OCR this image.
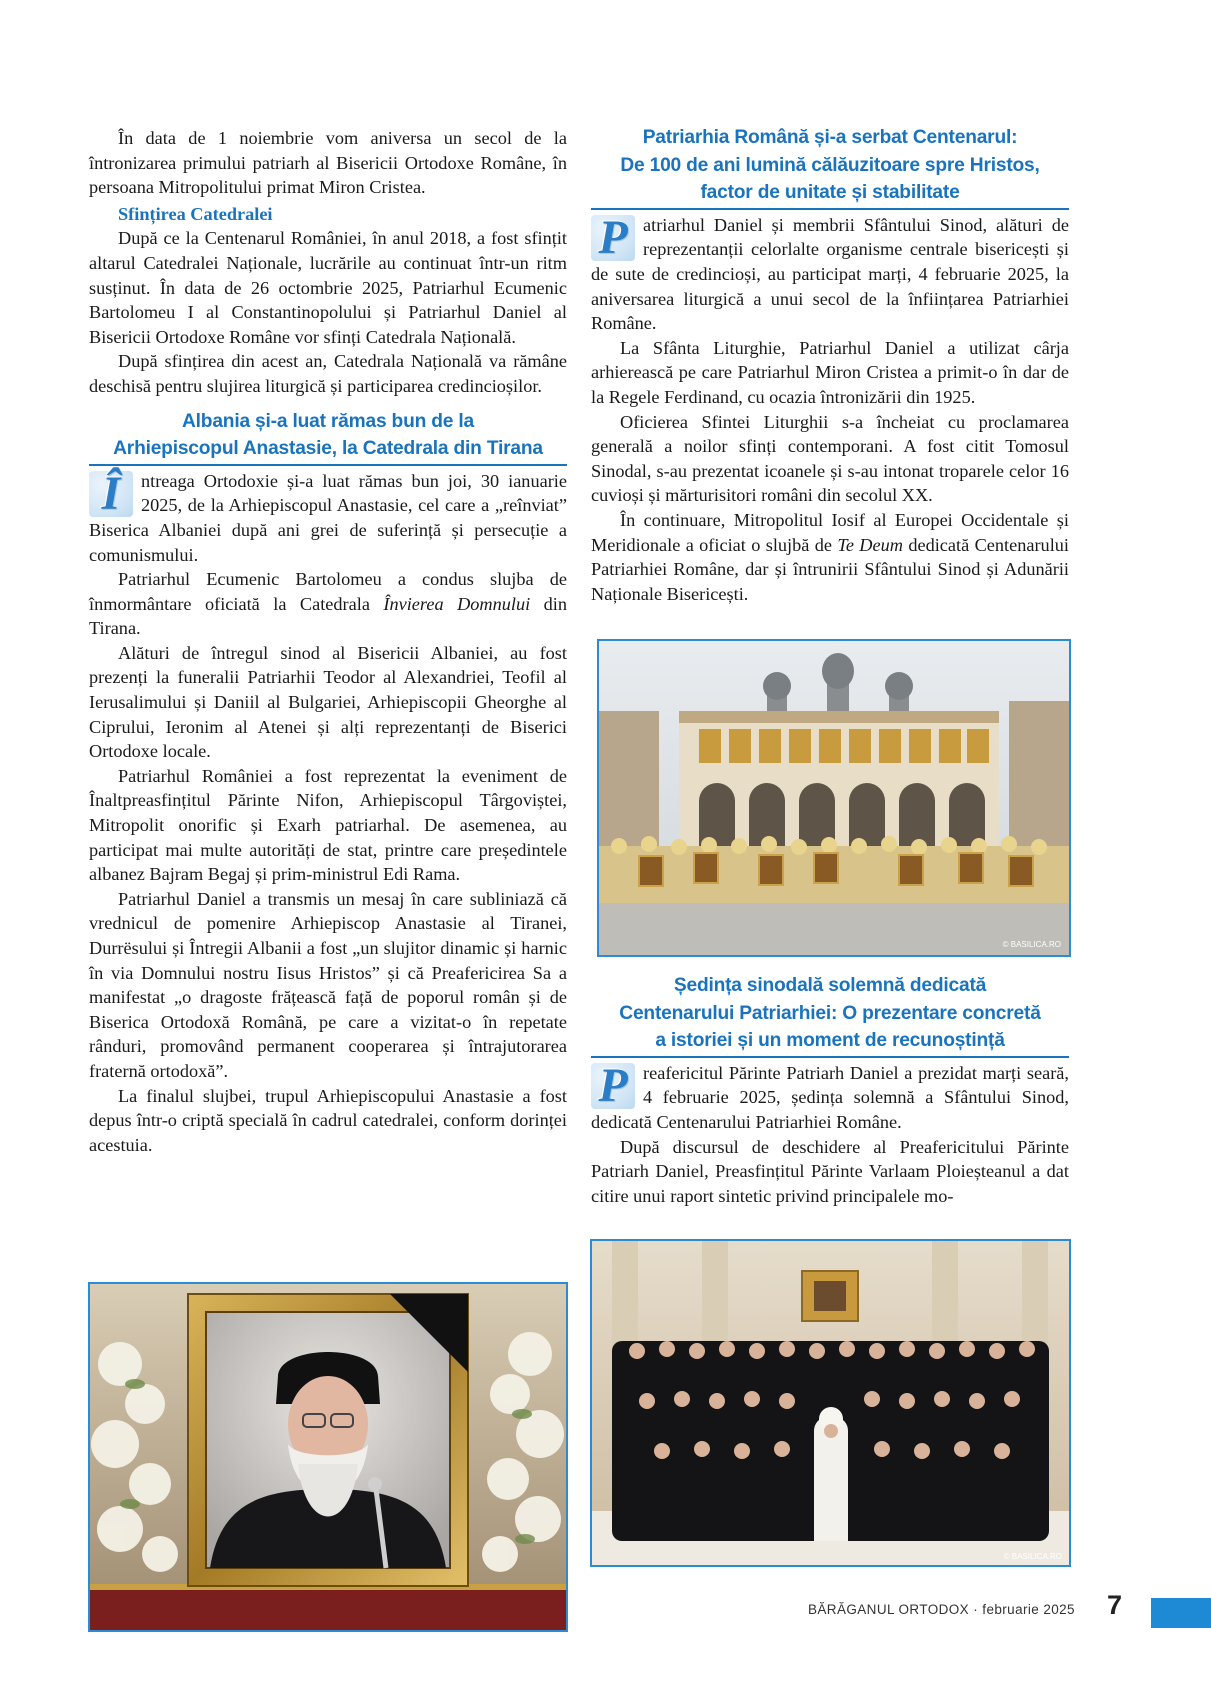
În data de 1 noiembrie vom aniversa un secol de la întronizarea primului patriarh al Bisericii Ortodoxe Române, în persoana Mitropolitului primat Miron Cristea.

Sfințirea Catedralei

După ce la Centenarul României, în anul 2018, a fost sfințit altarul Catedralei Naționale, lucrările au continuat într-un ritm susținut. În data de 26 octombrie 2025, Patriarhul Ecumenic Bartolomeu I al Constantinopolului și Patriarhul Daniel al Bisericii Ortodoxe Române vor sfinți Catedrala Națională.

După sfințirea din acest an, Catedrala Națională va rămâne deschisă pentru slujirea liturgică și participarea credincioșilor.

Albania și-a luat rămas bun de la
Arhiepiscopul Anastasie, la Catedrala din Tirana

Î	ntreaga Ortodoxie și-a luat rămas bun joi, 30 ianuarie 2025, de la Arhiepiscopul Anastasie, cel care a „reînviat” Biserica Albaniei după ani grei de suferință și persecuție a comunismului.

Patriarhul Ecumenic Bartolomeu a condus slujba de înmormântare oficiată la Catedrala Învierea Domnului din Tirana.

Alături de întregul sinod al Bisericii Albaniei, au fost prezenți la funeralii Patriarhii Teodor al Alexandriei, Teofil al Ierusalimului și Daniil al Bulgariei, Arhiepiscopii Gheorghe al Ciprului, Ieronim al Atenei și alți reprezentanți de Biserici Ortodoxe locale.

Patriarhul României a fost reprezentat la eveniment de Înaltpreasfințitul Părinte Nifon, Arhiepiscopul Târgoviștei, Mitropolit onorific și Exarh patriarhal. De asemenea, au participat mai multe autorități de stat, printre care președintele albanez Bajram Begaj și prim-ministrul Edi Rama.

Patriarhul Daniel a transmis un mesaj în care subliniază că vrednicul de pomenire Arhiepiscop Anastasie al Tiranei, Durrësului și Întregii Albanii a fost „un slujitor dinamic și harnic în via Domnului nostru Iisus Hristos” și că Preafericirea Sa a manifestat „o dragoste frățească față de poporul român și de Biserica Ortodoxă Română, pe care a vizitat-o în repetate rânduri, promovând permanent cooperarea și întrajutorarea fraternă ortodoxă”.

La finalul slujbei, trupul Arhiepiscopului Anastasie a fost depus într-o criptă specială în cadrul catedralei, conform dorinței acestuia.

Patriarhia Română și-a serbat Centenarul:
De 100 de ani lumină călăuzitoare spre Hristos,
factor de unitate și stabilitate

P atriarhul Daniel și membrii Sfântului Sinod, alături de reprezentanții celorlalte organisme centrale bisericești și de sute de credincioși, au participat marți, 4 februarie 2025, la aniversarea liturgică a unui secol de la înființarea Patriarhiei Române.

La Sfânta Liturghie, Patriarhul Daniel a utilizat cârja arhierească pe care Patriarhul Miron Cristea a primit-o în dar de la Regele Ferdinand, cu ocazia întronizării din 1925.

Oficierea Sfintei Liturghii s-a încheiat cu proclamarea generală a noilor sfinți contemporani. A fost citit Tomosul Sinodal, s-au prezentat icoanele și s-au intonat troparele celor 16 cuvioși și mărturisitori români din secolul XX.

În continuare, Mitropolitul Iosif al Europei Occidentale și Meridionale a oficiat o slujbă de Te Deum dedicată Centenarului Patriarhiei Române, dar și întrunirii Sfântului Sinod și Adunării Naționale Bisericești.

© BASILICA.RO
Ședința sinodală solemnă dedicată
Centenarului Patriarhiei: O prezentare concretă
a istoriei și un moment de recunoștință

P reafericitul Părinte Patriarh Daniel a prezidat marți seară, 4 februarie 2025, ședința solemnă a Sfântului Sinod, dedicată Centenarului Patriarhiei Române.

După discursul de deschidere al Preafericitului Părinte Patriarh Daniel, Preasfințitul Părinte Varlaam Ploieșteanul a dat citire unui raport sintetic privind principalele mo-

© BASILICA.RO
BĂRĂGANUL ORTODOX · februarie 2025 7
